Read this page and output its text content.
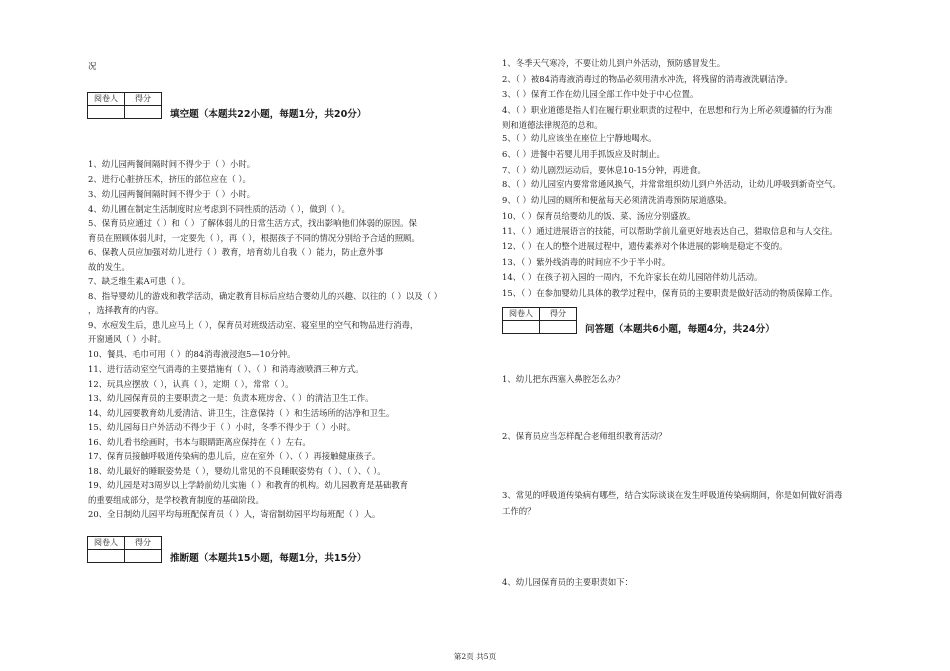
况
阅卷人	得分

填空题（本题共22小题，每题1分，共20分）
1、幼儿园两餐间隔时间不得少于（ ）小时。
2、进行心脏挤压术，挤压的部位应在（ ）。
3、幼儿园两餐间隔时间不得少于（ ）小时。
4、幼儿圃在制定生活制度时应考虑到不同性质的活动（ ），做到（ ）。
5、保育员应通过（ ）和（ ）了解体弱儿的日常生活方式，找出影响他们体弱的原因。保
育员在照顾体弱儿时，一定要先（ ），再（ ），根据孩子不同的情况分别给予合适的照顾。
6、保教人员应加强对幼儿进行（ ）教育，培育幼儿自我（ ）能力，防止意外事
故的发生。
7、缺乏维生素A可患（ ）。
8、指导婴幼儿的游戏和教学活动，确定教育目标后应结合婴幼儿的兴趣、以往的（ ）以及（ ）
，选择教育的内容。
9、水痘发生后，患儿应马上（ ），保育员对班级活动室、寝室里的空气和物品进行消毒，
开窗通风（ ）小时。
10、餐具、毛巾可用（ ）的84消毒液浸泡5—10分钟。
11、进行活动室空气消毒的主要措施有（ ）、（ ）和消毒液喷洒三种方式。
12、玩具应摆放（ ），认真（ ），定期（ ），常常（ ）。
13、幼儿园保育员的主要职责之一是：负责本班房舍、（ ）的清洁卫生工作。
14、幼儿园要教育幼儿爱清洁、讲卫生，注意保持（ ）和生活场所的洁净和卫生。
15、幼儿园每日户外活动不得少于（ ）小时，冬季不得少于（ ）小时。
16、幼儿看书绘画时，书本与眼睛距离应保持在（ ）左右。
17、保育员接触呼吸道传染病的患儿后，应在室外（ ）、（ ）再接触健康孩子。
18、幼儿最好的睡眠姿势是（ ），婴幼儿常见的不良睡眠姿势有（ ）、（ ）、（ ）。
19、幼儿园是对3周岁以上学龄前幼儿实施（ ）和教育的机构。幼儿园教育是基础教育
的重要组成部分，是学校教育制度的基础阶段。
20、全日制幼儿园平均每班配保育员（ ）人，寄宿制幼园平均每班配（ ）人。
阅卷人	得分

推断题（本题共15小题，每题1分，共15分）
1、冬季天气寒冷，不要让幼儿到户外活动，预防感冒发生。
2、（ ）被84消毒液消毒过的物品必须用清水冲洗，将残留的消毒液洗刷洁净。
3、（ ）保育工作在幼儿园全部工作中处于中心位置。
4、（ ）职业道德是指人们在履行职业职责的过程中，在思想和行为上所必须遵循的行为准
则和道德法律规范的总和。
5、（ ）幼儿应该坐在座位上宁静地喝水。
6、（ ）进餐中若婴儿用手抓饭应及时制止。
7、（ ）幼儿剧烈运动后，要休息10-15分钟，再进食。
8、（ ）幼儿园室内要常常通风换气，并常常组织幼儿到户外活动，让幼儿呼吸到新奇空气。
9、（ ）幼儿园的厕所和便盆每天必须清洗消毒预防尿道感染。
10、（ ）保育员给婴幼儿的饭、菜、汤应分别盛放。
11、（ ）通过进展语言的技能，可以帮助学前儿童更好地表达自己，猎取信息和与人交往。
12、（ ）在人的整个进展过程中，遗传素养对个体进展的影响是稳定不变的。
13、（ ）紫外线消毒的时间应不少于半小时。
14、（ ）在孩子初入园的一周内，不允许家长在幼儿园陪伴幼儿活动。
15、（ ）在参加婴幼儿具体的教学过程中，保育员的主要职责是做好活动的物质保障工作。
阅卷人	得分

问答题（本题共6小题，每题4分，共24分）
1、幼儿把东西塞入鼻腔怎么办？
2、保育员应当怎样配合老师组织教育活动？
3、常见的呼吸道传染病有哪些，结合实际谈谈在发生呼吸道传染病期间，你是如何做好消毒
工作的？
4、幼儿园保育员的主要职责如下：
第2页 共5页
